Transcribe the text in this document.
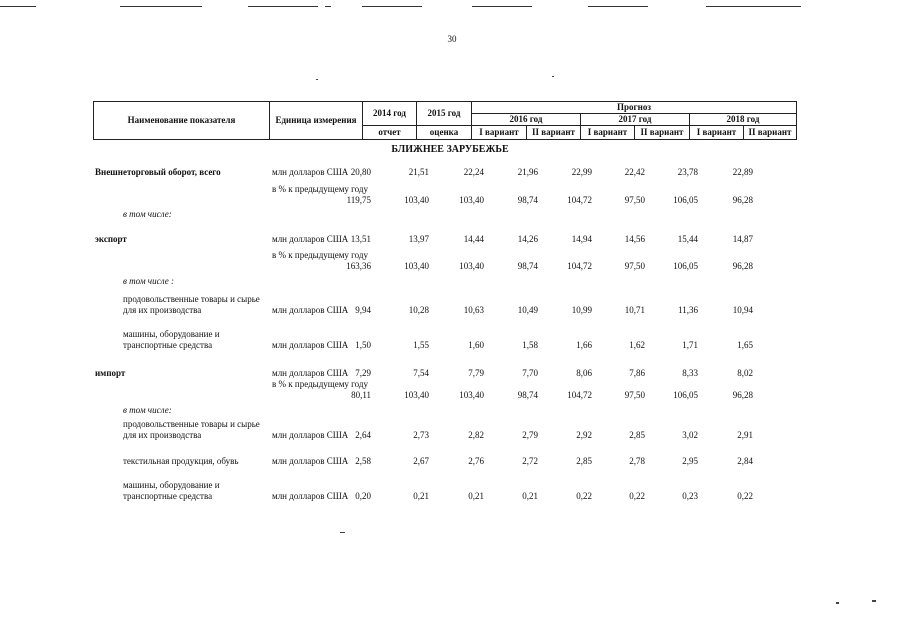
30
Наименование показателя	Единица измерения	2014 год	2015 год	Прогноз					
				2016 год		2017 год		2018 год	
		отчет	оценка	I вариант	II вариант	I вариант	II вариант	I вариант	II вариант
БЛИЖНЕЕ ЗАРУБЕЖЬЕ
Внешнеторговый оборот, всего	млн долларов США 20,80	21,51	22,24	21,96	22,99	22,42	23,78	22,89
в % к предыдущему году
119,75	103,40	103,40	98,74	104,72	97,50	106,05	96,28
в том числе:
экспорт	млн долларов США 13,51	13,97	14,44	14,26	14,94	14,56	15,44	14,87
в % к предыдущему году
163,36	103,40	103,40	98,74	104,72	97,50	106,05	96,28
в том числе :
продовольственные товары и сырье для их производства	млн долларов США 9,94	10,28	10,63	10,49	10,99	10,71	11,36	10,94
машины, оборудование и транспортные средства	млн долларов США 1,50	1,55	1,60	1,58	1,66	1,62	1,71	1,65
импорт	млн долларов США 7,29	7,54	7,79	7,70	8,06	7,86	8,33	8,02
в % к предыдущему году
80,11	103,40	103,40	98,74	104,72	97,50	106,05	96,28
в том числе:
продовольственные товары и сырье для их производства	млн долларов США 2,64	2,73	2,82	2,79	2,92	2,85	3,02	2,91
текстильная продукция, обувь	млн долларов США 2,58	2,67	2,76	2,72	2,85	2,78	2,95	2,84
машины, оборудование и транспортные средства	млн долларов США 0,20	0,21	0,21	0,21	0,22	0,22	0,23	0,22
